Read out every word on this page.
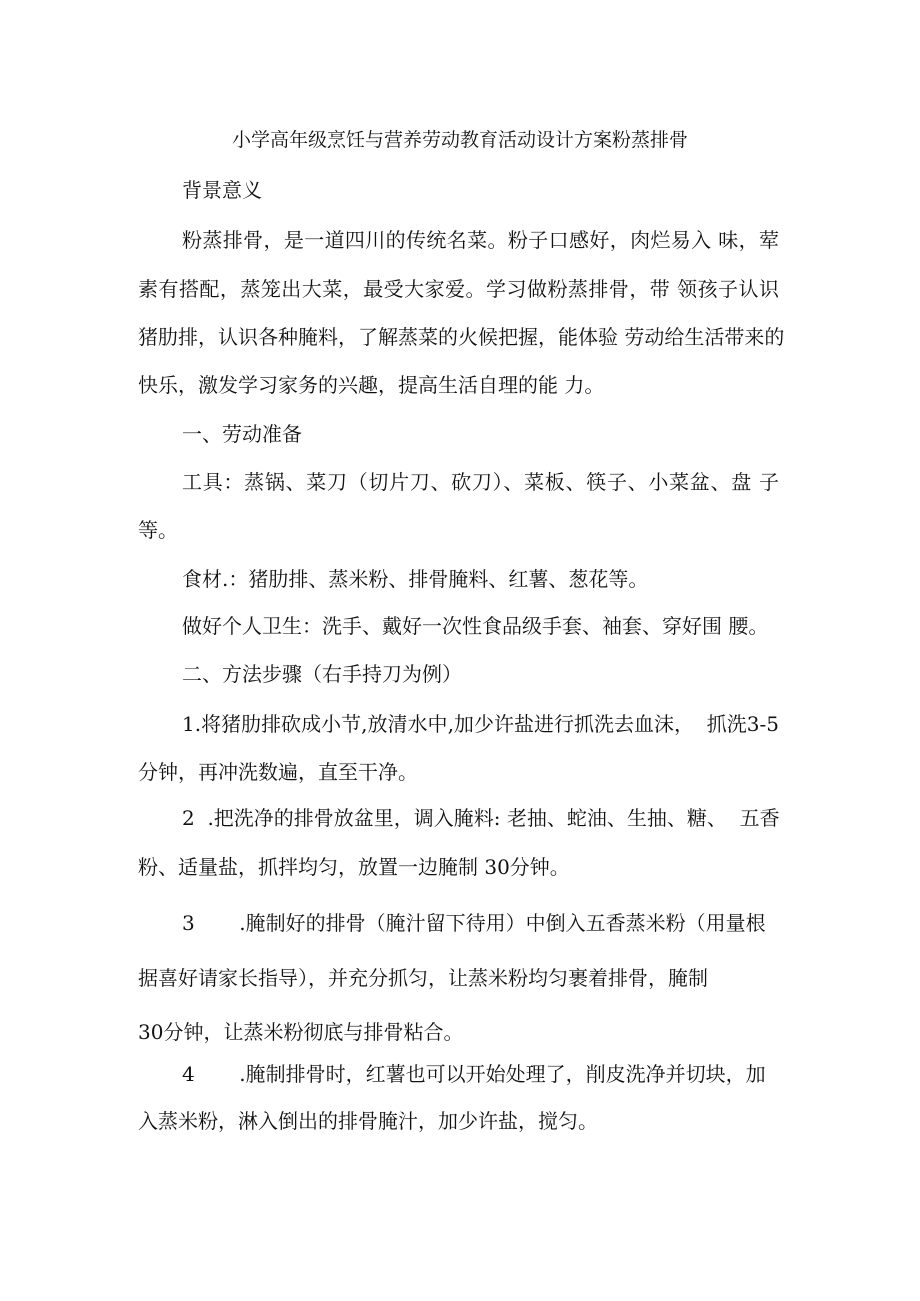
小学高年级烹饪与营养劳动教育活动设计方案粉蒸排骨

背景意义

粉蒸排骨，是一道四川的传统名菜。粉子口感好，肉烂易入 味，荤

素有搭配，蒸笼出大菜，最受大家爱。学习做粉蒸排骨，带 领孩子认识

猪肋排，认识各种腌料，了解蒸菜的火候把握，能体验 劳动给生活带来的

快乐，激发学习家务的兴趣，提高生活自理的能 力。

一、劳动准备

工具：蒸锅、菜刀（切片刀、砍刀）、菜板、筷子、小菜盆、盘 子

等。

食材.：猪肋排、蒸米粉、排骨腌料、红薯、葱花等。

做好个人卫生：洗手、戴好一次性食品级手套、袖套、穿好围 腰。

二、方法步骤（右手持刀为例）

1.将猪肋排砍成小节,放清水中,加少许盐进行抓洗去血沫，  抓洗3-5

分钟，再冲洗数遍，直至干净。

2  .把洗净的排骨放盆里，调入腌料: 老抽、蛇油、生抽、糖、  五香

粉、适量盐，抓拌均匀，放置一边腌制 30分钟。

3       .腌制好的排骨（腌汁留下待用）中倒入五香蒸米粉（用量根

据喜好请家长指导），并充分抓匀，让蒸米粉均匀裹着排骨，腌制

30分钟，让蒸米粉彻底与排骨粘合。

4       .腌制排骨时，红薯也可以开始处理了，削皮洗净并切块，加

入蒸米粉，淋入倒出的排骨腌汁，加少许盐，搅匀。
